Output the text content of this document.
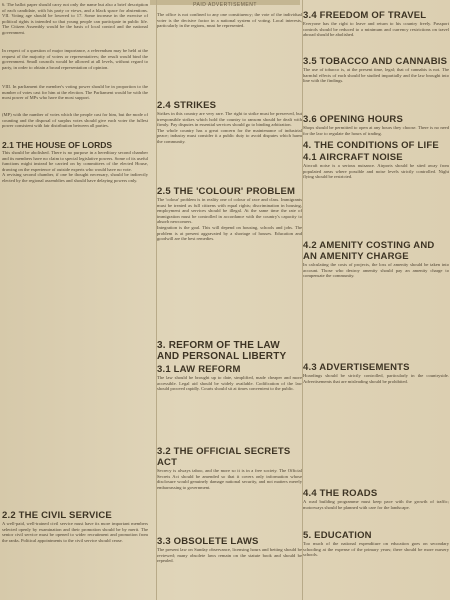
PAID ADVERTISEMENT

6. The ballot paper should carry not only the name but also a brief description of each candidate, with his party or views, and a black space for abstentions. VII. Voting age should be lowered to 17. Some increase in the exercise of political rights is intended so that young people can participate in public life. The Citizen Assembly would be the basis of local control and the national government.

In respect of a question of major importance, a referendum may be held at the request of the majority of voters or representatives; the result would bind the government. Small councils would be allowed at all levels, without regard to party, in order to obtain a broad representation of opinion.

VIII. In parliament the member's voting power should be in proportion to the number of votes cast for him at the election. The Parliament would be with the most power of MPs who have the most support.

(MP) with the number of votes which the people cast for him, but the mode of counting and the disposal of surplus votes should give each voter the fullest power consistent with fair distribution between all parties.

2.1 THE HOUSE OF LORDS

This should be abolished. There is no purpose in a hereditary second chamber and its members have no claim to special legislative powers. Some of its useful functions might instead be carried on by committees of the elected House, drawing on the experience of outside experts who would have no vote.

A revising second chamber, if one be thought necessary, should be indirectly elected by the regional assemblies and should have delaying powers only.

2.2 THE CIVIL SERVICE

A well-paid, well-trained civil service must have its more important members selected openly by examination and their promotion should be by merit. The senior civil service must be opened to wider recruitment and promotion from the ranks. Political appointments to the civil service should cease.

The office is not confined to any one constituency; the vote of the individual voter is the decisive factor in a national system of voting. Local interests, particularly in the regions, must be represented.

2.4 STRIKES

Strikes in this country are very rare. The right to strike must be preserved, but irresponsible strikes which hold the country to ransom should be dealt with firmly. Pay disputes in essential services should go to binding arbitration.

The whole country has a great concern for the maintenance of industrial peace; industry must consider it a public duty to avoid disputes which harm the community.

2.5 THE 'COLOUR' PROBLEM

The 'colour' problem is in reality one of colour of race and class. Immigrants must be treated as full citizens with equal rights; discrimination in housing, employment and services should be illegal. At the same time the rate of immigration must be controlled in accordance with the country's capacity to absorb newcomers.

Integration is the goal. This will depend on housing, schools and jobs. The problem is at present aggravated by a shortage of houses. Education and goodwill are the best remedies.

3. REFORM OF THE LAW AND PERSONAL LIBERTY

3.1 LAW REFORM

The law should be brought up to date, simplified, made cheaper and more accessible. Legal aid should be widely available. Codification of the law should proceed rapidly. Courts should sit at times convenient to the public.

3.2 THE OFFICIAL SECRETS ACT

Secrecy is always taboo, and the more so it is in a free society. The Official Secrets Act should be amended so that it covers only information whose disclosure would genuinely damage national security, and not matters merely embarrassing to government.

3.3 OBSOLETE LAWS

The present law on Sunday observance, licensing hours and betting should be reviewed; many obsolete laws remain on the statute book and should be repealed.

3.4 FREEDOM OF TRAVEL

Everyone has the right to leave and return to his country freely. Passport controls should be reduced to a minimum and currency restrictions on travel abroad should be abolished.

3.5 TOBACCO AND CANNABIS

The use of tobacco is, at the present time, legal; that of cannabis is not. The harmful effects of each should be studied impartially and the law brought into line with the findings.

3.6 OPENING HOURS

Shops should be permitted to open at any hours they choose. There is no need for the law to regulate the hours of trading.

4. THE CONDITIONS OF LIFE

4.1 AIRCRAFT NOISE

Aircraft noise is a serious nuisance. Airports should be sited away from populated areas where possible and noise levels strictly controlled. Night flying should be restricted.

4.2 AMENITY COSTING AND AN AMENITY CHARGE

In calculating the costs of projects, the loss of amenity should be taken into account. Those who destroy amenity should pay an amenity charge to compensate the community.

4.3 ADVERTISEMENTS

Hoardings should be strictly controlled, particularly in the countryside. Advertisements that are misleading should be prohibited.

4.4 THE ROADS

A road building programme must keep pace with the growth of traffic; motorways should be planned with care for the landscape.

5. EDUCATION

Too much of the national expenditure on education goes on secondary schooling at the expense of the primary years; there should be more nursery schools.
